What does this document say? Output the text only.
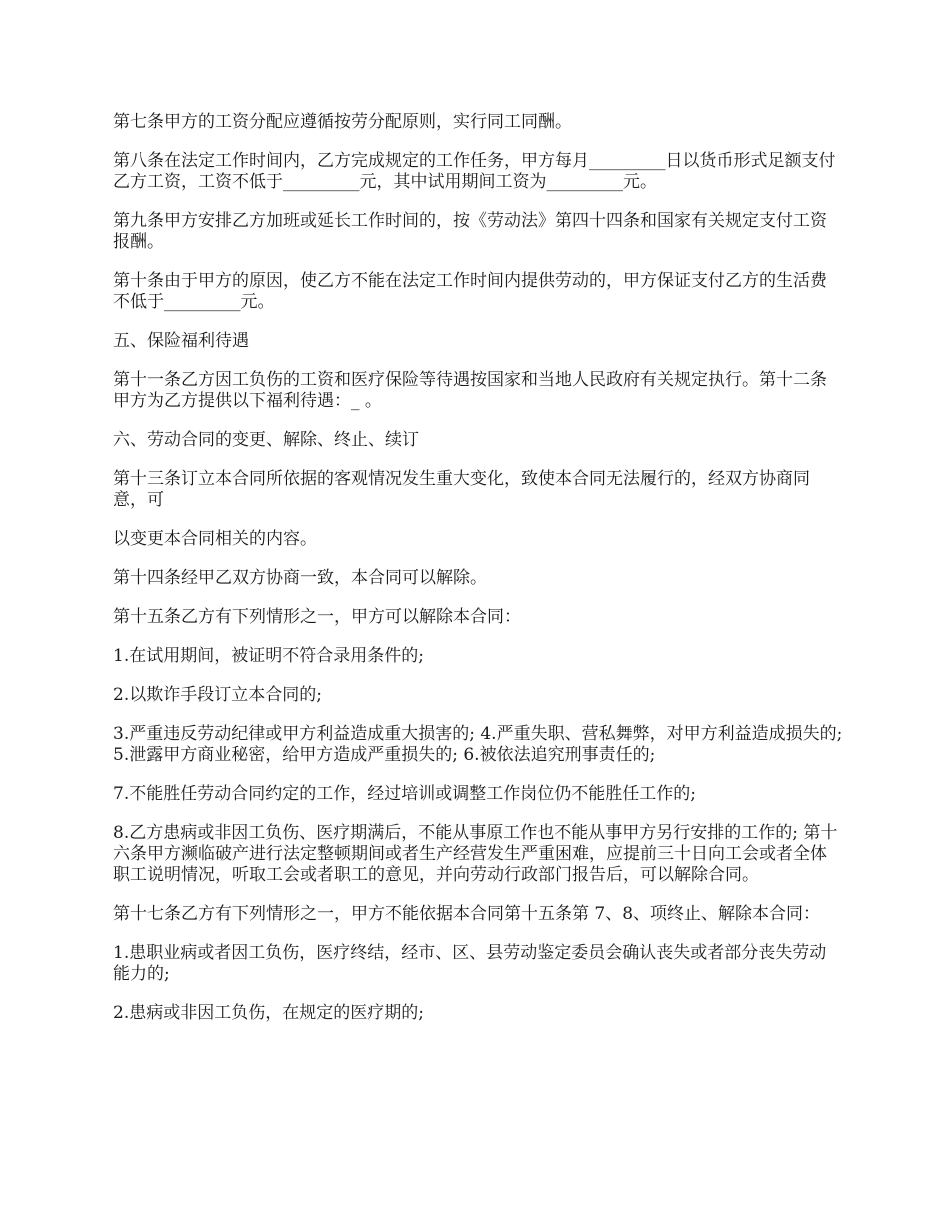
第七条甲方的工资分配应遵循按劳分配原则，实行同工同酬。

第八条在法定工作时间内，乙方完成规定的工作任务，甲方每月_________日以货币形式足额支付乙方工资，工资不低于_________元，其中试用期间工资为_________元。

第九条甲方安排乙方加班或延长工作时间的，按《劳动法》第四十四条和国家有关规定支付工资报酬。

第十条由于甲方的原因，使乙方不能在法定工作时间内提供劳动的，甲方保证支付乙方的生活费不低于_________元。

五、保险福利待遇

第十一条乙方因工负伤的工资和医疗保险等待遇按国家和当地人民政府有关规定执行。第十二条甲方为乙方提供以下福利待遇：_ 。

六、劳动合同的变更、解除、终止、续订

第十三条订立本合同所依据的客观情况发生重大变化，致使本合同无法履行的，经双方协商同意，可

以变更本合同相关的内容。

第十四条经甲乙双方协商一致，本合同可以解除。

第十五条乙方有下列情形之一，甲方可以解除本合同：

1.在试用期间，被证明不符合录用条件的;

2.以欺诈手段订立本合同的;

3.严重违反劳动纪律或甲方利益造成重大损害的; 4.严重失职、营私舞弊，对甲方利益造成损失的; 5.泄露甲方商业秘密，给甲方造成严重损失的; 6.被依法追究刑事责任的;

7.不能胜任劳动合同约定的工作，经过培训或调整工作岗位仍不能胜任工作的;

8.乙方患病或非因工负伤、医疗期满后，不能从事原工作也不能从事甲方另行安排的工作的; 第十六条甲方濒临破产进行法定整顿期间或者生产经营发生严重困难，应提前三十日向工会或者全体职工说明情况，听取工会或者职工的意见，并向劳动行政部门报告后，可以解除合同。

第十七条乙方有下列情形之一，甲方不能依据本合同第十五条第 7、8、项终止、解除本合同：

1.患职业病或者因工负伤，医疗终结，经市、区、县劳动鉴定委员会确认丧失或者部分丧失劳动能力的;

2.患病或非因工负伤，在规定的医疗期的;
